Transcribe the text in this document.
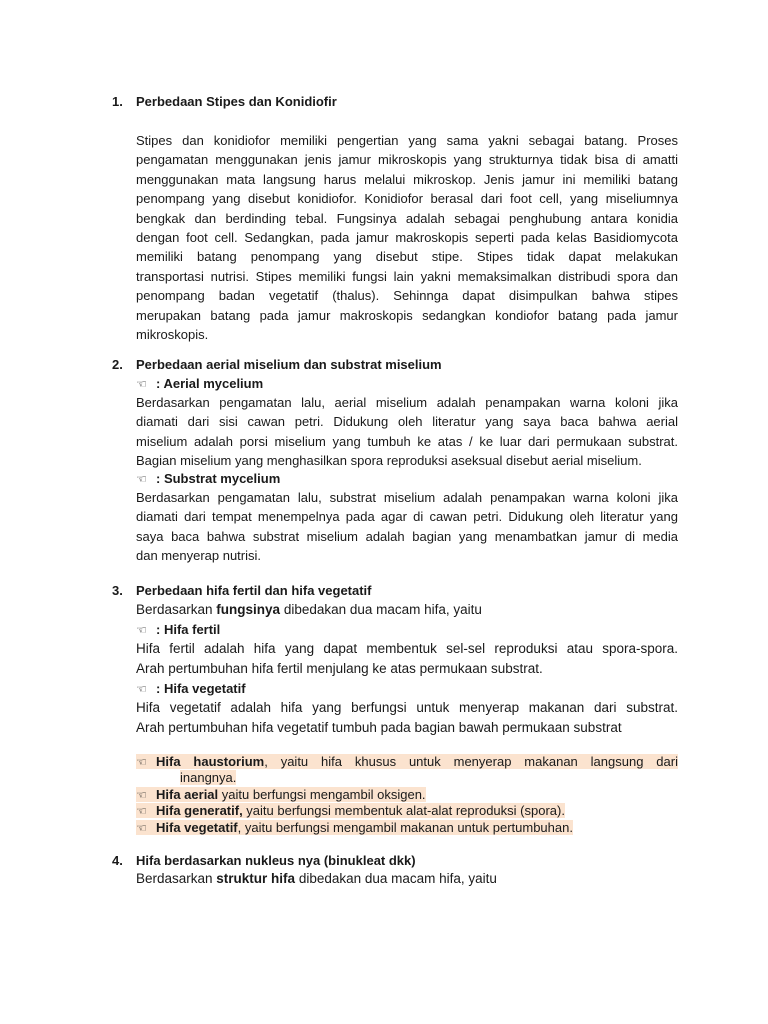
1. Perbedaan Stipes dan Konidiofir
Stipes dan konidiofor memiliki pengertian yang sama yakni sebagai batang. Proses
pengamatan menggunakan jenis jamur mikroskopis yang strukturnya tidak bisa di amatti
menggunakan mata langsung harus melalui mikroskop. Jenis jamur ini memiliki batang
penompang yang disebut konidiofor. Konidiofor berasal dari foot cell, yang miseliumnya
bengkak dan berdinding tebal. Fungsinya adalah sebagai penghubung antara konidia
dengan foot cell. Sedangkan, pada jamur makroskopis seperti pada kelas Basidiomycota
memiliki batang penompang yang disebut stipe. Stipes tidak dapat melakukan
transportasi nutrisi. Stipes memiliki fungsi lain yakni memaksimalkan distribudi spora dan
penompang badan vegetatif (thalus). Sehinnga dapat disimpulkan bahwa stipes
merupakan batang pada jamur makroskopis sedangkan kondiofor batang pada jamur
mikroskopis.
2. Perbedaan aerial miselium dan substrat miselium
☜ : Aerial mycelium
Berdasarkan pengamatan lalu, aerial miselium adalah penampakan warna koloni jika
diamati dari sisi cawan petri. Didukung oleh literatur yang saya baca bahwa aerial
miselium adalah porsi miselium yang tumbuh ke atas / ke luar dari permukaan substrat.
Bagian miselium yang menghasilkan spora reproduksi aseksual disebut aerial miselium.
☜ : Substrat mycelium
Berdasarkan pengamatan lalu, substrat miselium adalah penampakan warna koloni jika
diamati dari tempat menempelnya pada agar di cawan petri. Didukung oleh literatur yang
saya baca bahwa substrat miselium adalah bagian yang menambatkan jamur di media
dan menyerap nutrisi.
3. Perbedaan hifa fertil dan hifa vegetatif
Berdasarkan fungsinya dibedakan dua macam hifa, yaitu
☜ : Hifa fertil
Hifa fertil adalah hifa yang dapat membentuk sel-sel reproduksi atau spora-spora.
Arah pertumbuhan hifa fertil menjulang ke atas permukaan substrat.
☜ : Hifa vegetatif
Hifa vegetatif adalah hifa yang berfungsi untuk menyerap makanan dari substrat.
Arah pertumbuhan hifa vegetatif tumbuh pada bagian bawah permukaan substrat
☜ Hifa haustorium, yaitu hifa khusus untuk menyerap makanan langsung dari
inangnya.
☜ Hifa aerial yaitu berfungsi mengambil oksigen.
☜ Hifa generatif, yaitu berfungsi membentuk alat-alat reproduksi (spora).
☜ Hifa vegetatif, yaitu berfungsi mengambil makanan untuk pertumbuhan.
4. Hifa berdasarkan nukleus nya (binukleat dkk)
Berdasarkan struktur hifa dibedakan dua macam hifa, yaitu
